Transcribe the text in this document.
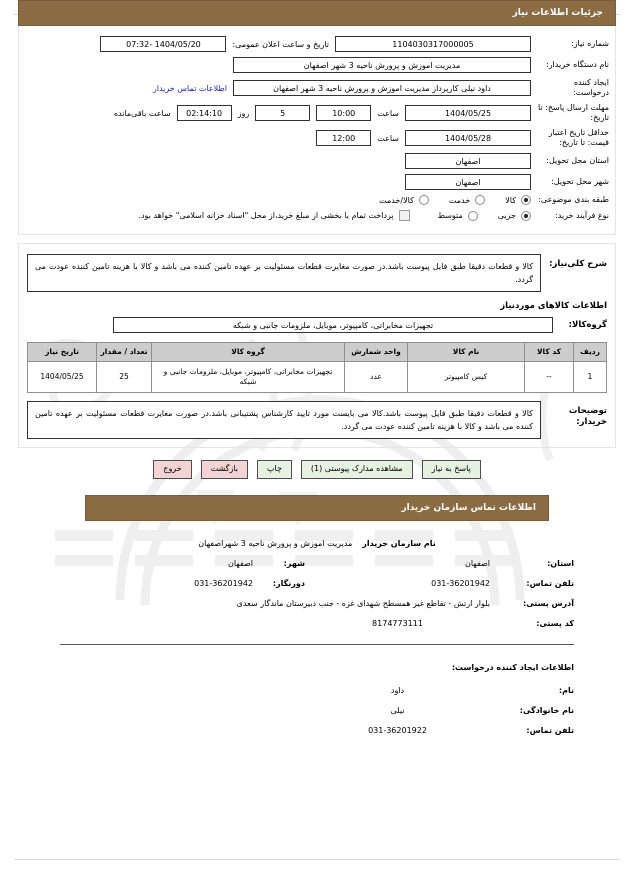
جزئیات اطلاعات نیاز
شماره نیاز:
1104030317000005
تاریخ و ساعت اعلان عمومی:
1404/05/20 -07:32
نام دستگاه خریدار:
مدیریت اموزش و پرورش ناحیه 3 شهر اصفهان
ایجاد کننده درخواست:
داود نیلی کارپرداز مدیریت اموزش و پرورش ناحیه 3 شهر اصفهان
اطلاعات تماس خریدار
مهلت ارسال پاسخ: تا تاریخ:
1404/05/25
ساعت
10:00
5
روز
02:14:10
ساعت باقی‌مانده
حداقل تاریخ اعتبار قیمت: تا تاریخ:
1404/05/28
ساعت
12:00
استان محل تحویل:
اصفهان
شهر محل تحویل:
اصفهان
طبقه بندی موضوعی:
کالا
خدمت
کالا/خدمت
نوع فرآیند خرید:
جزیی
متوسط
پرداخت تمام یا بخشی از مبلغ خرید،از محل "اسناد خزانه اسلامی" خواهد بود.
شرح کلی‌نیاز:
کالا و قطعات دقیقا طبق فایل پیوست باشد.در صورت مغایرت قطعات مسئولیت بر عهده تامین کننده می باشد و کالا با هزینه تامین کننده عودت می گردد.
اطلاعات کالاهای موردنیاز
گروه‌کالا:
تجهیزات مخابراتی، کامپیوتر، موبایل، ملزومات جانبی و شبکه
ردیف	کد کالا	نام کالا	واحد شمارش	گروه کالا	تعداد / مقدار	تاریخ نیاز
1	--	کیس کامپیوتر	عدد	تجهیزات مخابراتی، کامپیوتر، موبایل، ملزومات جانبی و شبکه	25	1404/05/25
توضیحات خریدار:
کالا و قطعات دقیقا طبق فایل پیوست باشد.کالا می بایست مورد تایید کارشناس پشتیبانی باشد.در صورت مغایرت قطعات مسئولیت بر عهده تامین کننده می باشد و کالا با هزینه تامین کننده عودت می گردد.
پاسخ به نیاز
مشاهده مدارک پیوستی (1)
چاپ
بازگشت
خروج
اطلاعات تماس سازمان خریدار
نام سازمان خریدار
مدیریت اموزش و پرورش ناحیه 3 شهراصفهان
استان:
اصفهان
شهر:
اصفهان
تلفن تماس:
031-36201942
دورنگار:
031-36201942
آدرس پستی:
بلوار ارتش - تقاطع غیر همسطح شهدای غزه - جنب دبیرستان ماندگار سعدی
کد پستی:
8174773111
اطلاعات ایجاد کننده درخواست:
نام:
داود
نام خانوادگی:
نیلی
تلفن تماس:
031-36201922
